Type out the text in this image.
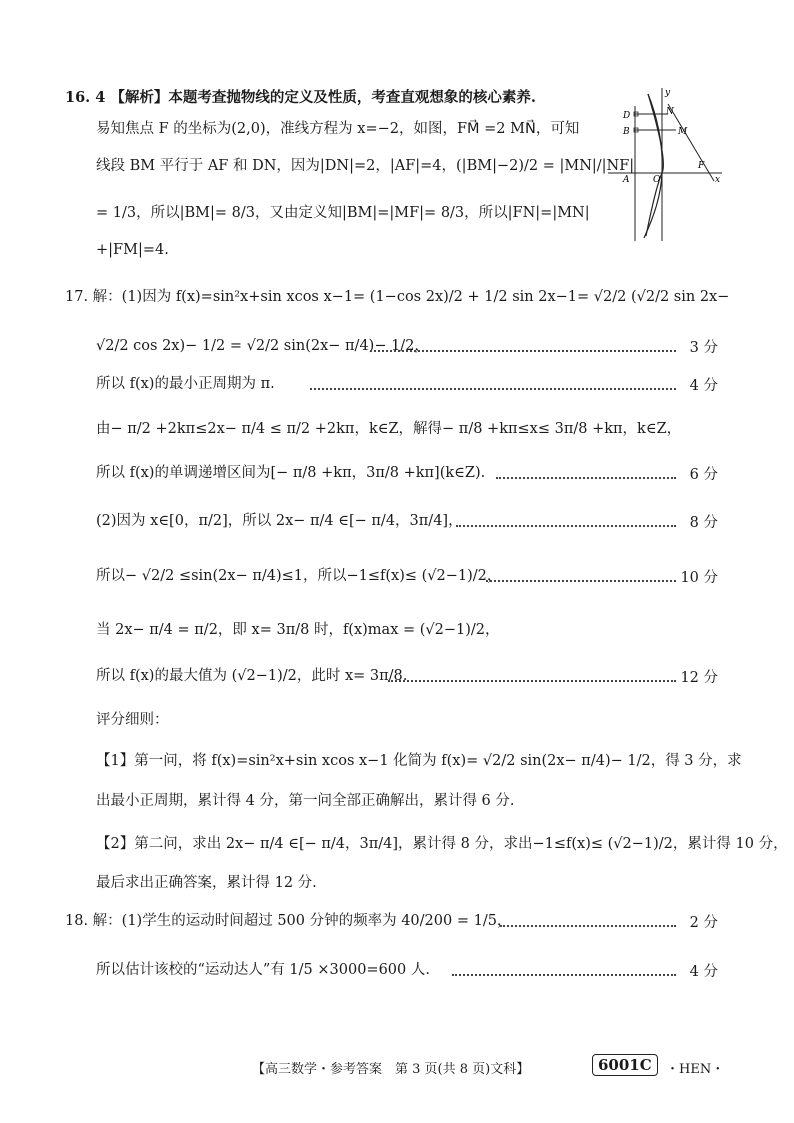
y
D
B
N
M
A	O
F
x
16. 4 【解析】本题考查抛物线的定义及性质，考查直观想象的核心素养.
易知焦点 F 的坐标为(2,0)，准线方程为 x=−2，如图，FM⃗ =2 MN⃗，可知
线段 BM 平行于 AF 和 DN，因为|DN|=2，|AF|=4，(|BM|−2)/2 = |MN|/|NF|
= 1/3，所以|BM|= 8/3，又由定义知|BM|=|MF|= 8/3，所以|FN|=|MN|
+|FM|=4.
17. 解：(1)因为 f(x)=sin²x+sin xcos x−1= (1−cos 2x)/2 + 1/2 sin 2x−1= √2/2 (√2/2 sin 2x−
√2/2 cos 2x)− 1/2 = √2/2 sin(2x− π/4)− 1/2，	3 分
所以 f(x)的最小正周期为 π.	4 分
由− π/2 +2kπ≤2x− π/4 ≤ π/2 +2kπ，k∈Z，解得− π/8 +kπ≤x≤ 3π/8 +kπ，k∈Z，
所以 f(x)的单调递增区间为[− π/8 +kπ，3π/8 +kπ](k∈Z).	6 分
(2)因为 x∈[0，π/2]，所以 2x− π/4 ∈[− π/4，3π/4]，	8 分
所以− √2/2 ≤sin(2x− π/4)≤1，所以−1≤f(x)≤ (√2−1)/2，	10 分
当 2x− π/4 = π/2，即 x= 3π/8 时，f(x)max = (√2−1)/2，
所以 f(x)的最大值为 (√2−1)/2，此时 x= 3π/8.	12 分
评分细则：
【1】第一问，将 f(x)=sin²x+sin xcos x−1 化简为 f(x)= √2/2 sin(2x− π/4)− 1/2，得 3 分，求
出最小正周期，累计得 4 分，第一问全部正确解出，累计得 6 分.
【2】第二问，求出 2x− π/4 ∈[− π/4，3π/4]，累计得 8 分，求出−1≤f(x)≤ (√2−1)/2，累计得 10 分，
最后求出正确答案，累计得 12 分.
18. 解：(1)学生的运动时间超过 500 分钟的频率为 40/200 = 1/5，	2 分
所以估计该校的“运动达人”有 1/5 ×3000=600 人.	4 分
【高三数学・参考答案　第 3 页(共 8 页)文科】	6001C	・HEN・
